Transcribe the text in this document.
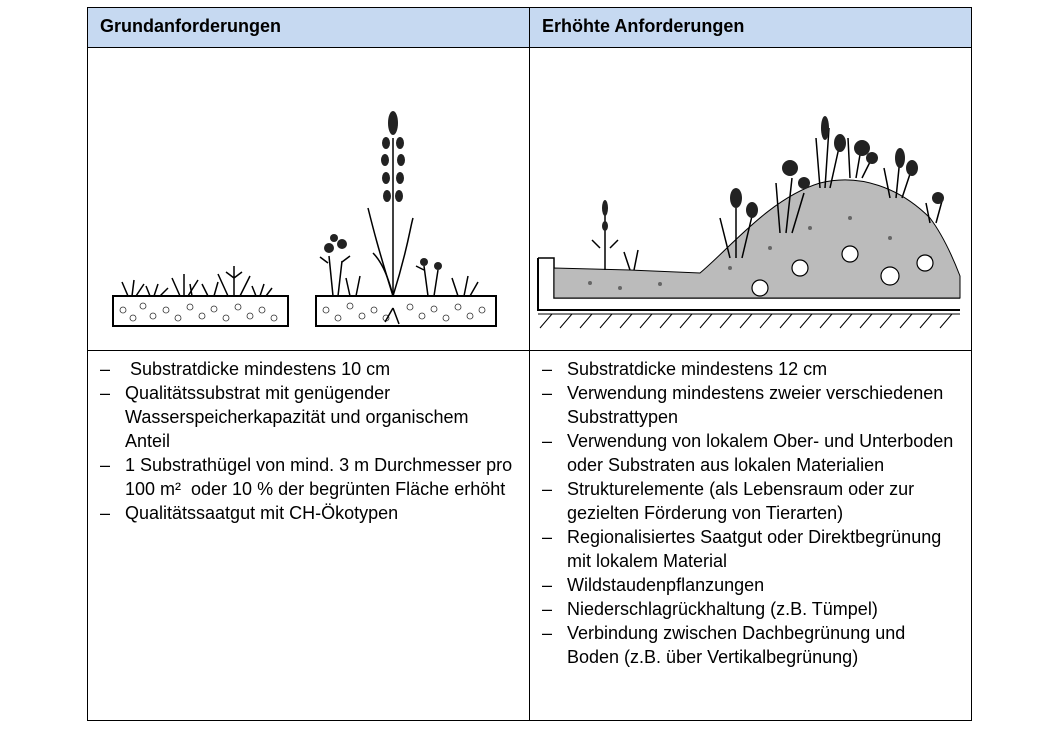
Grundanforderungen
– Substratdicke mindestens 10 cm
– Qualitätssubstrat mit genügender Wasserspeicherkapazität und organischem Anteil
– 1 Substrathügel von mind. 3 m Durchmesser pro 100 m²  oder 10 % der begrünten Fläche erhöht
– Qualitätssaatgut mit CH-Ökotypen
Erhöhte Anforderungen
– Substratdicke mindestens 12 cm
– Verwendung mindestens zweier verschiedenen Substrattypen
– Verwendung von lokalem Ober- und Unterboden oder Substraten aus lokalen Materialien
– Strukturelemente (als Lebensraum oder zur gezielten Förderung von Tierarten)
– Regionalisiertes Saatgut oder Direktbegrünung mit lokalem Material
– Wildstaudenpflanzungen
– Niederschlagrückhaltung (z.B. Tümpel)
– Verbindung zwischen Dachbegrünung und Boden (z.B. über Vertikalbegrünung)
